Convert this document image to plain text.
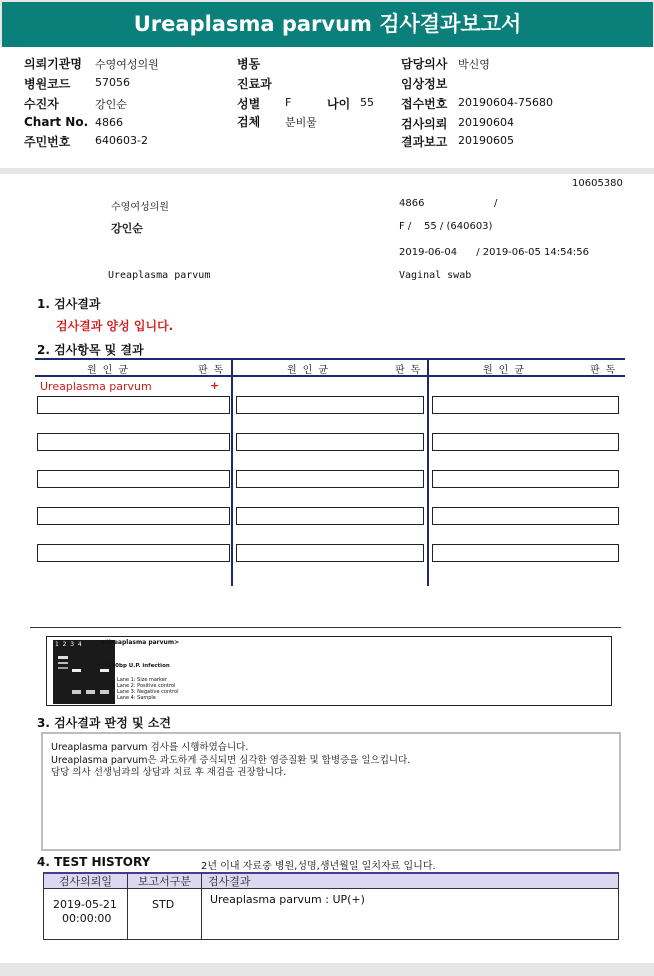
Ureaplasma parvum 검사결과보고서
의뢰기관명 수영여성의원
병원코드 57056
수진자	강인순
Chart No. 4866
주민번호 640603-2
병동
진료과
성별 F	나이 55
검체 분비물
담당의사 박신영
임상정보
접수번호 20190604-75680
검사의뢰 20190604
결과보고 20190605
10605380
수영여성의원	4866	/
강인순	F /    55 / (640603)
2019-06-04      / 2019-06-05 14:54:56
Ureaplasma parvum	Vaginal swab
1. 검사결과
검사결과 양성 입니다.
2. 검사항목 및 결과
원인균	판독	원인균	판독	원인균	판독
Ureaplasma parvum	+
3. 검사결과 판정 및 소견
4. TEST HISTORY	2년 이내 자료중 병원,성명,생년월일 일치자료 입니다.
1  2  3  4	<Ureaplasma parvum>
← 350bp U.P. infection
Lane 1: Size marker
Lane 2: Positive control
Lane 3: Negative control
Lane 4: Sample
Ureaplasma parvum 검사를 시행하였습니다.
Ureaplasma parvum은 과도하게 증식되면 심각한 염증질환 및 합병증을 일으킵니다.
담당 의사 선생님과의 상담과 치료 후 재검을 권장합니다.
검사의뢰일	보고서구분	검사결과
2019-05-21
00:00:00
STD	Ureaplasma parvum : UP(+)
